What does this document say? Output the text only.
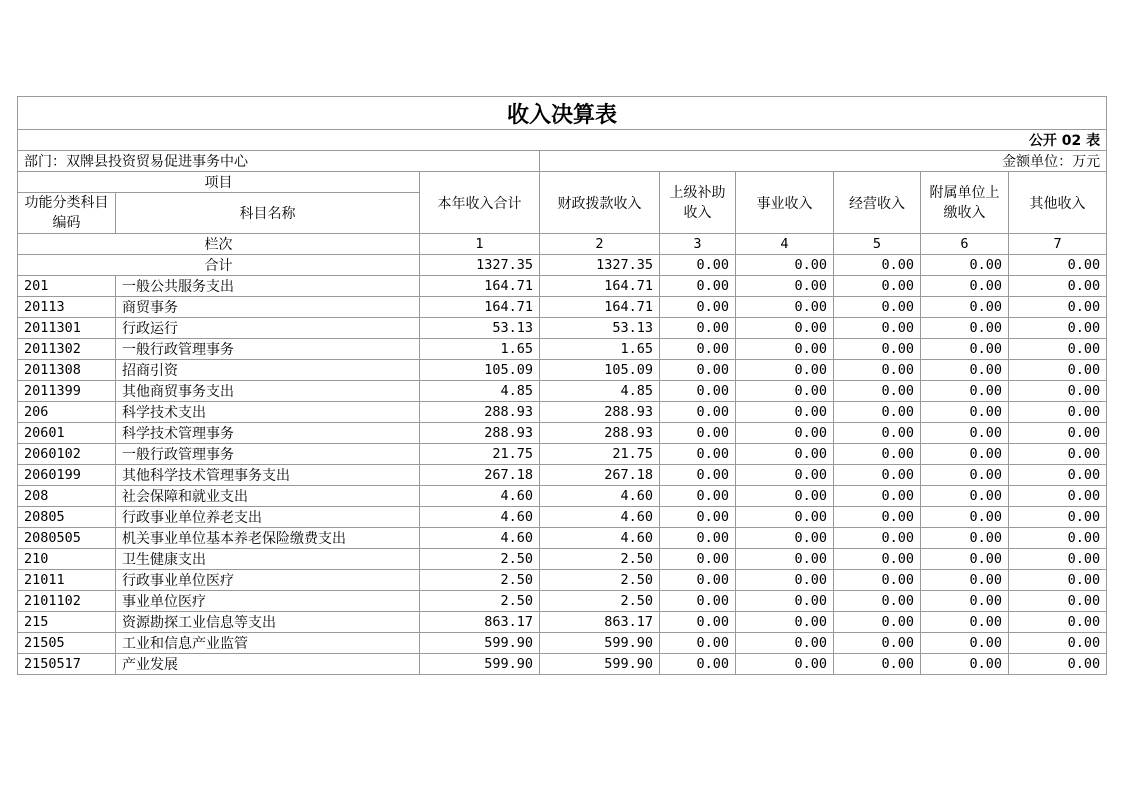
收入决算表								
公开 02 表								
部门：双牌县投资贸易促进事务中心			金额单位：万元					
项目		本年收入合计	财政拨款收入	上级补助收入	事业收入	经营收入	附属单位上缴收入	其他收入
功能分类科目编码	科目名称							
栏次		1	2	3	4	5	6	7
合计		1327.35	1327.35	0.00	0.00	0.00	0.00	0.00
201	一般公共服务支出	164.71	164.71	0.00	0.00	0.00	0.00	0.00
20113	商贸事务	164.71	164.71	0.00	0.00	0.00	0.00	0.00
2011301	行政运行	53.13	53.13	0.00	0.00	0.00	0.00	0.00
2011302	一般行政管理事务	1.65	1.65	0.00	0.00	0.00	0.00	0.00
2011308	招商引资	105.09	105.09	0.00	0.00	0.00	0.00	0.00
2011399	其他商贸事务支出	4.85	4.85	0.00	0.00	0.00	0.00	0.00
206	科学技术支出	288.93	288.93	0.00	0.00	0.00	0.00	0.00
20601	科学技术管理事务	288.93	288.93	0.00	0.00	0.00	0.00	0.00
2060102	一般行政管理事务	21.75	21.75	0.00	0.00	0.00	0.00	0.00
2060199	其他科学技术管理事务支出	267.18	267.18	0.00	0.00	0.00	0.00	0.00
208	社会保障和就业支出	4.60	4.60	0.00	0.00	0.00	0.00	0.00
20805	行政事业单位养老支出	4.60	4.60	0.00	0.00	0.00	0.00	0.00
2080505	机关事业单位基本养老保险缴费支出	4.60	4.60	0.00	0.00	0.00	0.00	0.00
210	卫生健康支出	2.50	2.50	0.00	0.00	0.00	0.00	0.00
21011	行政事业单位医疗	2.50	2.50	0.00	0.00	0.00	0.00	0.00
2101102	事业单位医疗	2.50	2.50	0.00	0.00	0.00	0.00	0.00
215	资源勘探工业信息等支出	863.17	863.17	0.00	0.00	0.00	0.00	0.00
21505	工业和信息产业监管	599.90	599.90	0.00	0.00	0.00	0.00	0.00
2150517	产业发展	599.90	599.90	0.00	0.00	0.00	0.00	0.00
